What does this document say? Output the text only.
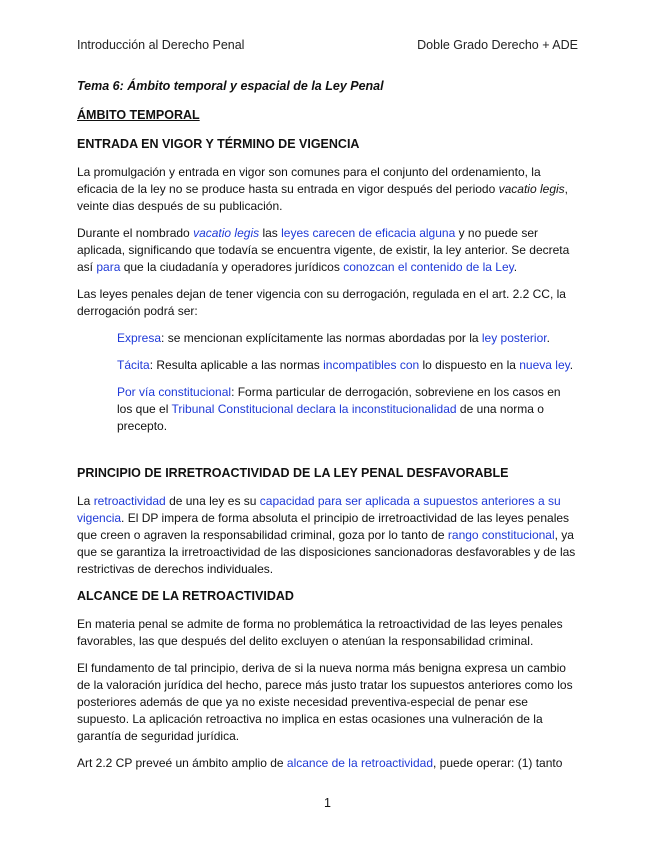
Introducción al Derecho Penal	Doble Grado Derecho + ADE
Tema 6: Ámbito temporal y espacial de la Ley Penal
ÁMBITO TEMPORAL
ENTRADA EN VIGOR Y TÉRMINO DE VIGENCIA

La promulgación y entrada en vigor son comunes para el conjunto del ordenamiento, la eficacia de la ley no se produce hasta su entrada en vigor después del periodo vacatio legis, veinte dias después de su publicación.

Durante el nombrado vacatio legis las leyes carecen de eficacia alguna y no puede ser aplicada, significando que todavía se encuentra vigente, de existir, la ley anterior. Se decreta así para que la ciudadanía y operadores jurídicos conozcan el contenido de la Ley.

Las leyes penales dejan de tener vigencia con su derrogación, regulada en el art. 2.2 CC, la derrogación podrá ser:

Expresa: se mencionan explícitamente las normas abordadas por la ley posterior.

Tácita: Resulta aplicable a las normas incompatibles con lo dispuesto en la nueva ley.

Por vía constitucional: Forma particular de derrogación, sobreviene en los casos en los que el Tribunal Constitucional declara la inconstitucionalidad de una norma o precepto.

PRINCIPIO DE IRRETROACTIVIDAD DE LA LEY PENAL DESFAVORABLE

La retroactividad de una ley es su capacidad para ser aplicada a supuestos anteriores a su vigencia. El DP impera de forma absoluta el principio de irretroactividad de las leyes penales que creen o agraven la responsabilidad criminal, goza por lo tanto de rango constitucional, ya que se garantiza la irretroactividad de las disposiciones sancionadoras desfavorables y de las restrictivas de derechos individuales.

ALCANCE DE LA RETROACTIVIDAD

En materia penal se admite de forma no problemática la retroactividad de las leyes penales favorables, las que después del delito excluyen o atenúan la responsabilidad criminal.

El fundamento de tal principio, deriva de si la nueva norma más benigna expresa un cambio de la valoración jurídica del hecho, parece más justo tratar los supuestos anteriores como los posteriores además de que ya no existe necesidad preventiva-especial de penar ese supuesto. La aplicación retroactiva no implica en estas ocasiones una vulneración de la garantía de seguridad jurídica.

Art 2.2 CP preveé un ámbito amplio de alcance de la retroactividad, puede operar: (1) tanto

1
